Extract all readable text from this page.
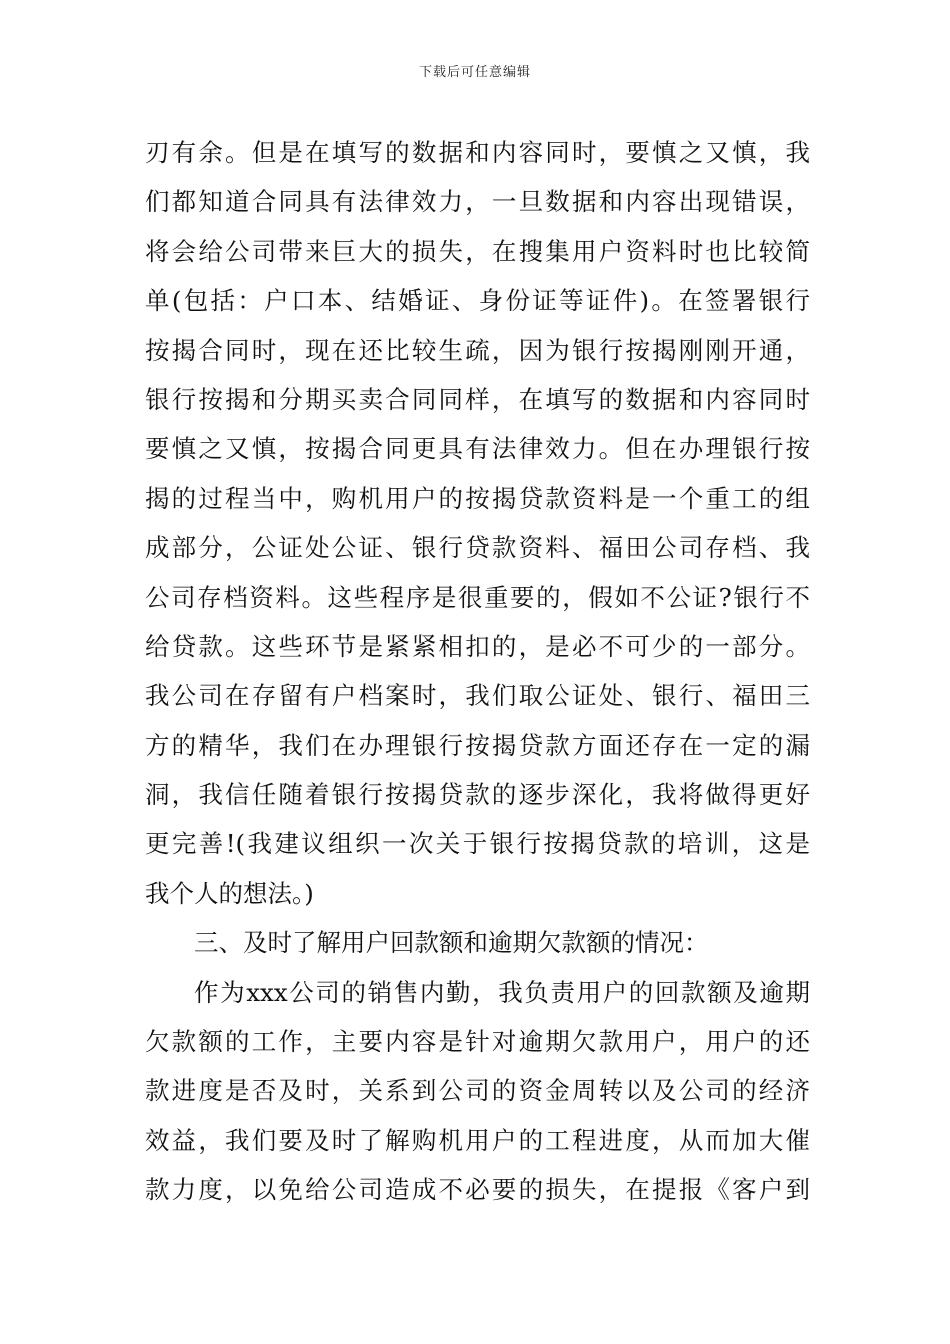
下载后可任意编辑
刃有余。但是在填写的数据和内容同时，要慎之又慎，我
们都知道合同具有法律效力，一旦数据和内容出现错误，
将会给公司带来巨大的损失，在搜集用户资料时也比较简
单(包括：户口本、结婚证、身份证等证件)。在签署银行
按揭合同时，现在还比较生疏，因为银行按揭刚刚开通，
银行按揭和分期买卖合同同样，在填写的数据和内容同时
要慎之又慎，按揭合同更具有法律效力。但在办理银行按
揭的过程当中，购机用户的按揭贷款资料是一个重工的组
成部分，公证处公证、银行贷款资料、福田公司存档、我
公司存档资料。这些程序是很重要的，假如不公证?银行不
给贷款。这些环节是紧紧相扣的，是必不可少的一部分。
我公司在存留有户档案时，我们取公证处、银行、福田三
方的精华，我们在办理银行按揭贷款方面还存在一定的漏
洞，我信任随着银行按揭贷款的逐步深化，我将做得更好
更完善!(我建议组织一次关于银行按揭贷款的培训，这是
我个人的想法。)
三、及时了解用户回款额和逾期欠款额的情况：
作为xxx公司的销售内勤，我负责用户的回款额及逾期
欠款额的工作，主要内容是针对逾期欠款用户，用户的还
款进度是否及时，关系到公司的资金周转以及公司的经济
效益，我们要及时了解购机用户的工程进度，从而加大催
款力度，以免给公司造成不必要的损失，在提报《客户到
